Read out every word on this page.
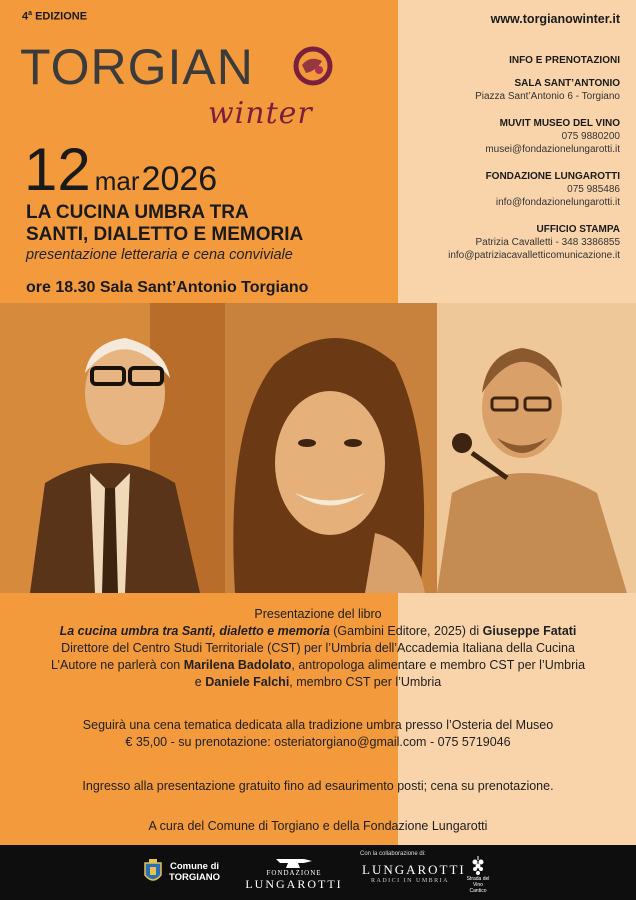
4$^a$ EDIZIONE
TORGIAN
winter
12 mar 2026
LA CUCINA UMBRA TRA
SANTI, DIALETTO E MEMORIA
presentazione letteraria e cena conviviale
ore 18.30 Sala Sant’Antonio Torgiano
www.torgianowinter.it
INFO E PRENOTAZIONI
SALA SANT’ANTONIO
Piazza Sant’Antonio 6 - Torgiano
MUVIT MUSEO DEL VINO
075 9880200
musei@fondazionelungarotti.it
FONDAZIONE LUNGAROTTI
075 985486
info@fondazionelungarotti.it
UFFICIO STAMPA
Patrizia Cavalletti - 348 3386855
info@patriziacavalletticomunicazione.it
Presentazione del libro
La cucina umbra tra Santi, dialetto e memoria (Gambini Editore, 2025) di Giuseppe Fatati
Direttore del Centro Studi Territoriale (CST) per l’Umbria dell’Accademia Italiana della Cucina
L’Autore ne parlerà con Marilena Badolato, antropologa alimentare e membro CST per l’Umbria
e Daniele Falchi, membro CST per l’Umbria
Seguirà una cena tematica dedicata alla tradizione umbra presso l’Osteria del Museo
€ 35,00 - su prenotazione: osteriatorgiano@gmail.com - 075 5719046
Ingresso alla presentazione gratuito fino ad esaurimento posti; cena su prenotazione.
A cura del Comune di Torgiano e della Fondazione Lungarotti
Comune di
TORGIANO	FONDAZIONE
LUNGAROTTI
Con la collaborazione di:
LUNGAROTTI
RADICI IN UMBRIA	Strada del Vino
Cantico
